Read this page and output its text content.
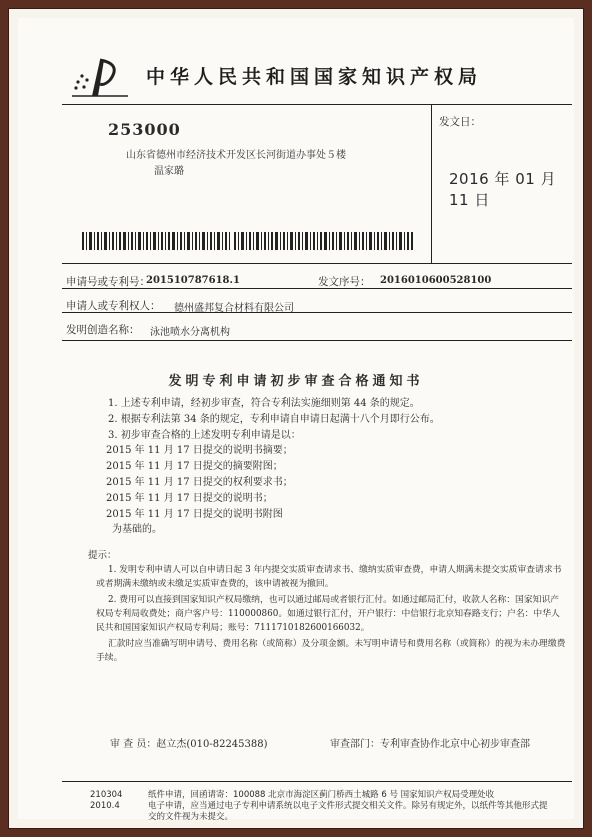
中华人民共和国国家知识产权局
253000
山东省德州市经济技术开发区长河街道办事处５楼
温家璐
发文日：
2016 年 01 月 11 日
申请号或专利号：
201510787618.1	发文序号： 2016010600528100
申请人或专利权人： 德州盛邦复合材料有限公司
发明创造名称： 泳池喷水分离机构
发明专利申请初步审查合格通知书
1. 上述专利申请，经初步审查，符合专利法实施细则第 44 条的规定。
2. 根据专利法第 34 条的规定，专利申请自申请日起满十八个月即行公布。
3. 初步审查合格的上述发明专利申请是以：
2015 年 11 月 17 日提交的说明书摘要；
2015 年 11 月 17 日提交的摘要附图；
2015 年 11 月 17 日提交的权利要求书；
2015 年 11 月 17 日提交的说明书；
2015 年 11 月 17 日提交的说明书附图
为基础的。
提示：

1. 发明专利申请人可以自申请日起 3 年内提交实质审查请求书、缴纳实质审查费，申请人期满未提交实质审查请求书或者期满未缴纳或未缴足实质审查费的，该申请被视为撤回。

2. 费用可以直接到国家知识产权局缴纳，也可以通过邮局或者银行汇付。如通过邮局汇付，收款人名称：国家知识产权局专利局收费处；商户客户号：110000860。如通过银行汇付，开户银行：中信银行北京知春路支行；户名：中华人民共和国国家知识产权局专利局；账号：7111710182600166032。

汇款时应当准确写明申请号、费用名称（或简称）及分项金额。未写明申请号和费用名称（或简称）的视为未办理缴费手续。

审 查 员：赵立杰(010-82245388)	审查部门：专利审查协作北京中心初步审查部
210304
2010.4
纸件申请，回函请寄：100088 北京市海淀区蓟门桥西土城路 6 号 国家知识产权局受理处收
电子申请，应当通过电子专利申请系统以电子文件形式提交相关文件。除另有规定外，以纸件等其他形式提交的文件视为未提交。
